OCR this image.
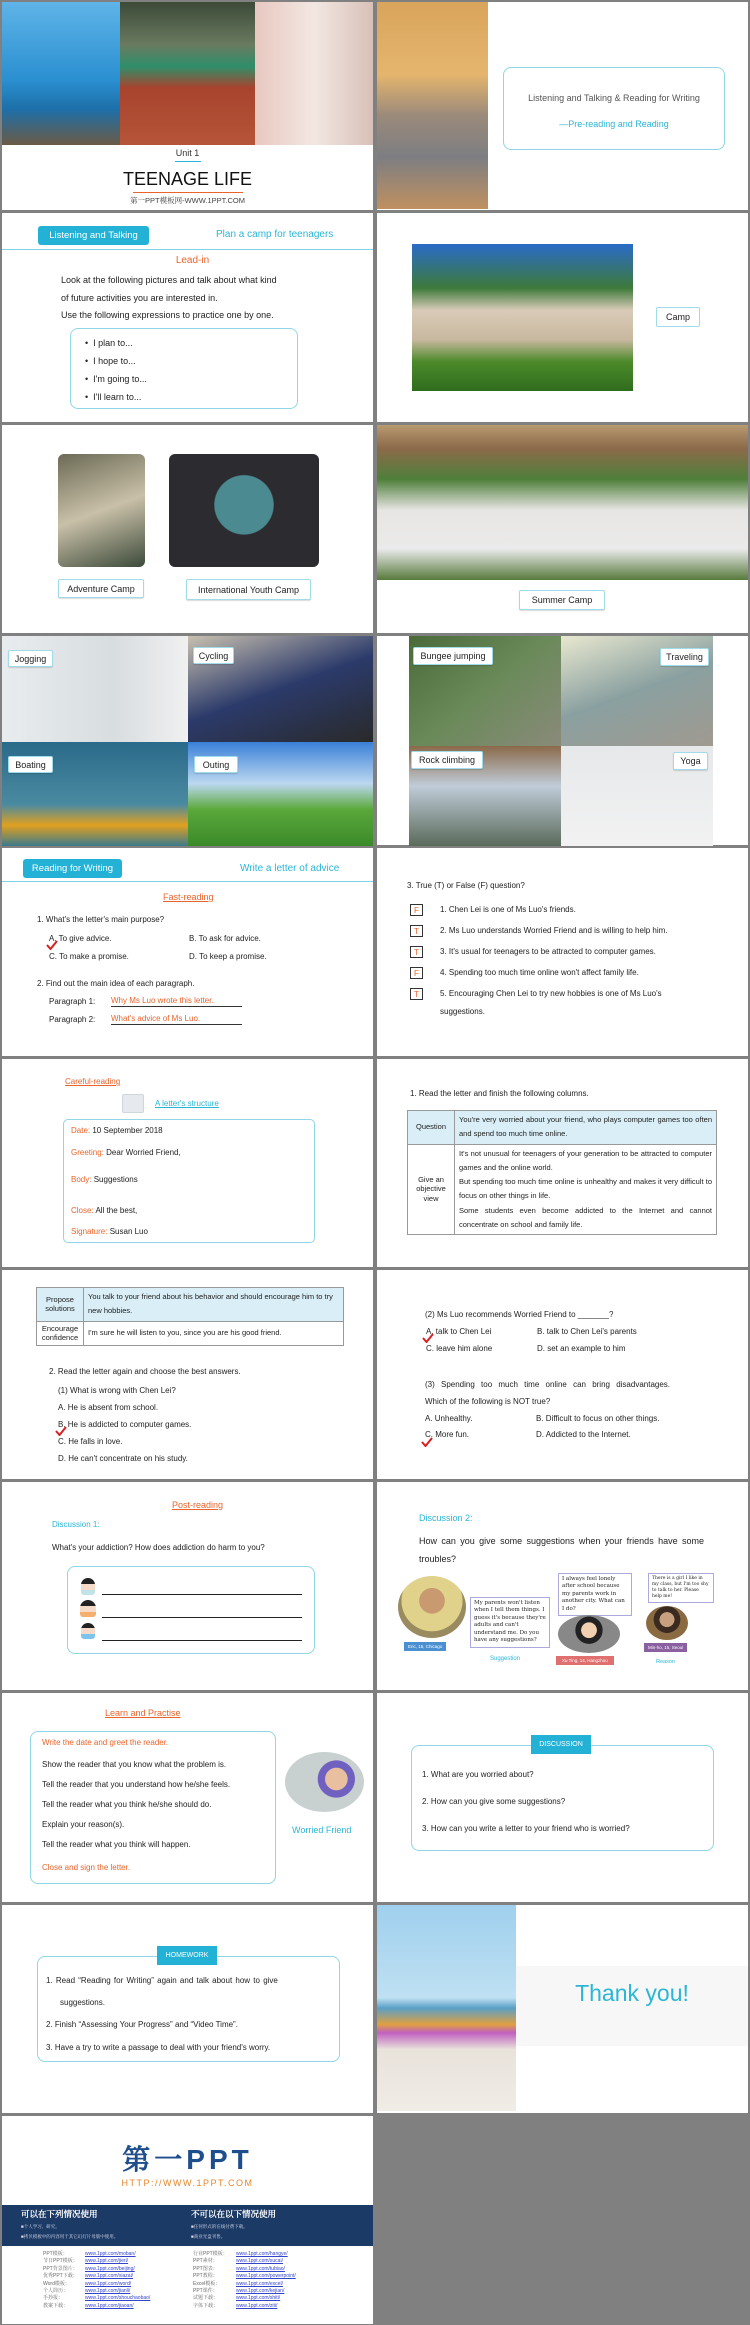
Unit 1
TEENAGE LIFE
第一PPT模板网-WWW.1PPT.COM
Listening and Talking & Reading for Writing
—Pre-reading and Reading
Listening and Talking	Plan a camp for teenagers
Lead-in
Look at the following pictures and talk about what kind
of future activities you are interested in.
Use the following expressions to practice one by one.
•  I plan to...
•  I hope to...
•  I'm going to...
•  I'll learn to...
Camp
Adventure Camp	International Youth Camp
Summer Camp
Jogging	Cycling
Boating	Outing
Bungee jumping	Traveling
Rock climbing	Yoga
Reading for Writing	Write a letter of advice
Fast-reading
1. What's the letter's main purpose?
A. To give advice.	B. To ask for advice.
C. To make a promise.	D. To keep a promise.
2. Find out the main idea of each paragraph.
Paragraph 1: Why Ms Luo wrote this letter.
Paragraph 2: What's advice of Ms Luo.
3. True (T) or False (F) question?
F	1. Chen Lei is one of Ms Luo's friends.
T	2. Ms Luo understands Worried Friend and is willing to help him.
T	3. It's usual for teenagers to be attracted to computer games.
F	4. Spending too much time online won't affect family life.
T	5. Encouraging Chen Lei to try new hobbies is one of Ms Luo's
suggestions.
Careful-reading
A letter's structure
Date: 10 September 2018
Greeting: Dear Worried Friend,
Body: Suggestions
Close: All the best,
Signature: Susan Luo
1. Read the letter and finish the following columns.
Question	You're very worried about your friend, who plays computer games too often and spend too much time online.
Give an objective view	It's not unusual for teenagers of your generation to be attracted to computer games and the online world.
But spending too much time online is unhealthy and makes it very difficult to focus on other things in life.
Some students even become addicted to the Internet and cannot concentrate on school and family life.
Propose solutions	You talk to your friend about his behavior and should encourage him to try new hobbies.
Encourage confidence	I'm sure he will listen to you, since you are his good friend.
2. Read the letter again and choose the best answers.
(1) What is wrong with Chen Lei?
A. He is absent from school.
B. He is addicted to computer games.
C. He falls in love.
D. He can't concentrate on his study.
(2) Ms Luo recommends Worried Friend to _______?
A. talk to Chen Lei	B. talk to Chen Lei's parents
C. leave him alone	D. set an example to him
(3) Spending too much time online can bring disadvantages.
Which of the following is NOT true?
A. Unhealthy.	B. Difficult to focus on other things.
C. More fun.	D. Addicted to the Internet.
Post-reading
Discussion 1:
What's your addiction? How does addiction do harm to you?
Discussion 2:
How can you give some suggestions when your friends have some troubles?
My parents won't listen when I tell them things. I guess it's because they're adults and can't understand me. Do you have any suggestions?
Eric, 15, Chicago
Suggestion
I always feel lonely after school because my parents work in another city. What can I do?
Xu Ting, 14, Hangzhou
There is a girl I like in my class, but I'm too shy to talk to her. Please help me!
Min-ho, 15, Seoul
Reason
Learn and Practise
Write the date and greet the reader.
Show the reader that you know what the problem is.
Tell the reader that you understand how he/she feels.
Tell the reader what you think he/she should do.
Explain your reason(s).
Tell the reader what you think will happen.
Close and sign the letter.
Worried Friend
DISCUSSION
1. What are you worried about?
2. How can you give some suggestions?
3. How can you write a letter to your friend who is worried?
HOMEWORK
1. Read “Reading for Writing” again and talk about how to give
suggestions.
2. Finish “Assessing Your Progress” and “Video Time”.
3. Have a try to write a passage to deal with your friend's worry.
Thank you!
第一PPT
HTTP://WWW.1PPT.COM
可以在下列情况使用
■个人学习、研究。
■拷贝模板中的内容用于其它幻灯片母版中使用。
不可以在以下情况使用
■任何形式的在线付费下载。
■商业光盘刊售。
PPT模板：	www.1ppt.com/moban/
节日PPT模板： www.1ppt.com/jieri/
PPT背景图片： www.1ppt.com/beijing/
优秀PPT下载： www.1ppt.com/xiazai/
Word模板：	www.1ppt.com/word/
个人简历：	www.1ppt.com/jianli/
手抄报：	www.1ppt.com/shouchaobao/
教案下载：	www.1ppt.com/jiaoan/
行业PPT模板： www.1ppt.com/hangye/
PPT素材：	www.1ppt.com/sucai/
PPT图表：	www.1ppt.com/tubiao/
PPT教程：	www.1ppt.com/powerpoint/
Excel模板：	www.1ppt.com/excel/
PPT课件：	www.1ppt.com/kejian/
试题下载：	www.1ppt.com/shiti/
字体下载：	www.1ppt.com/ziti/
